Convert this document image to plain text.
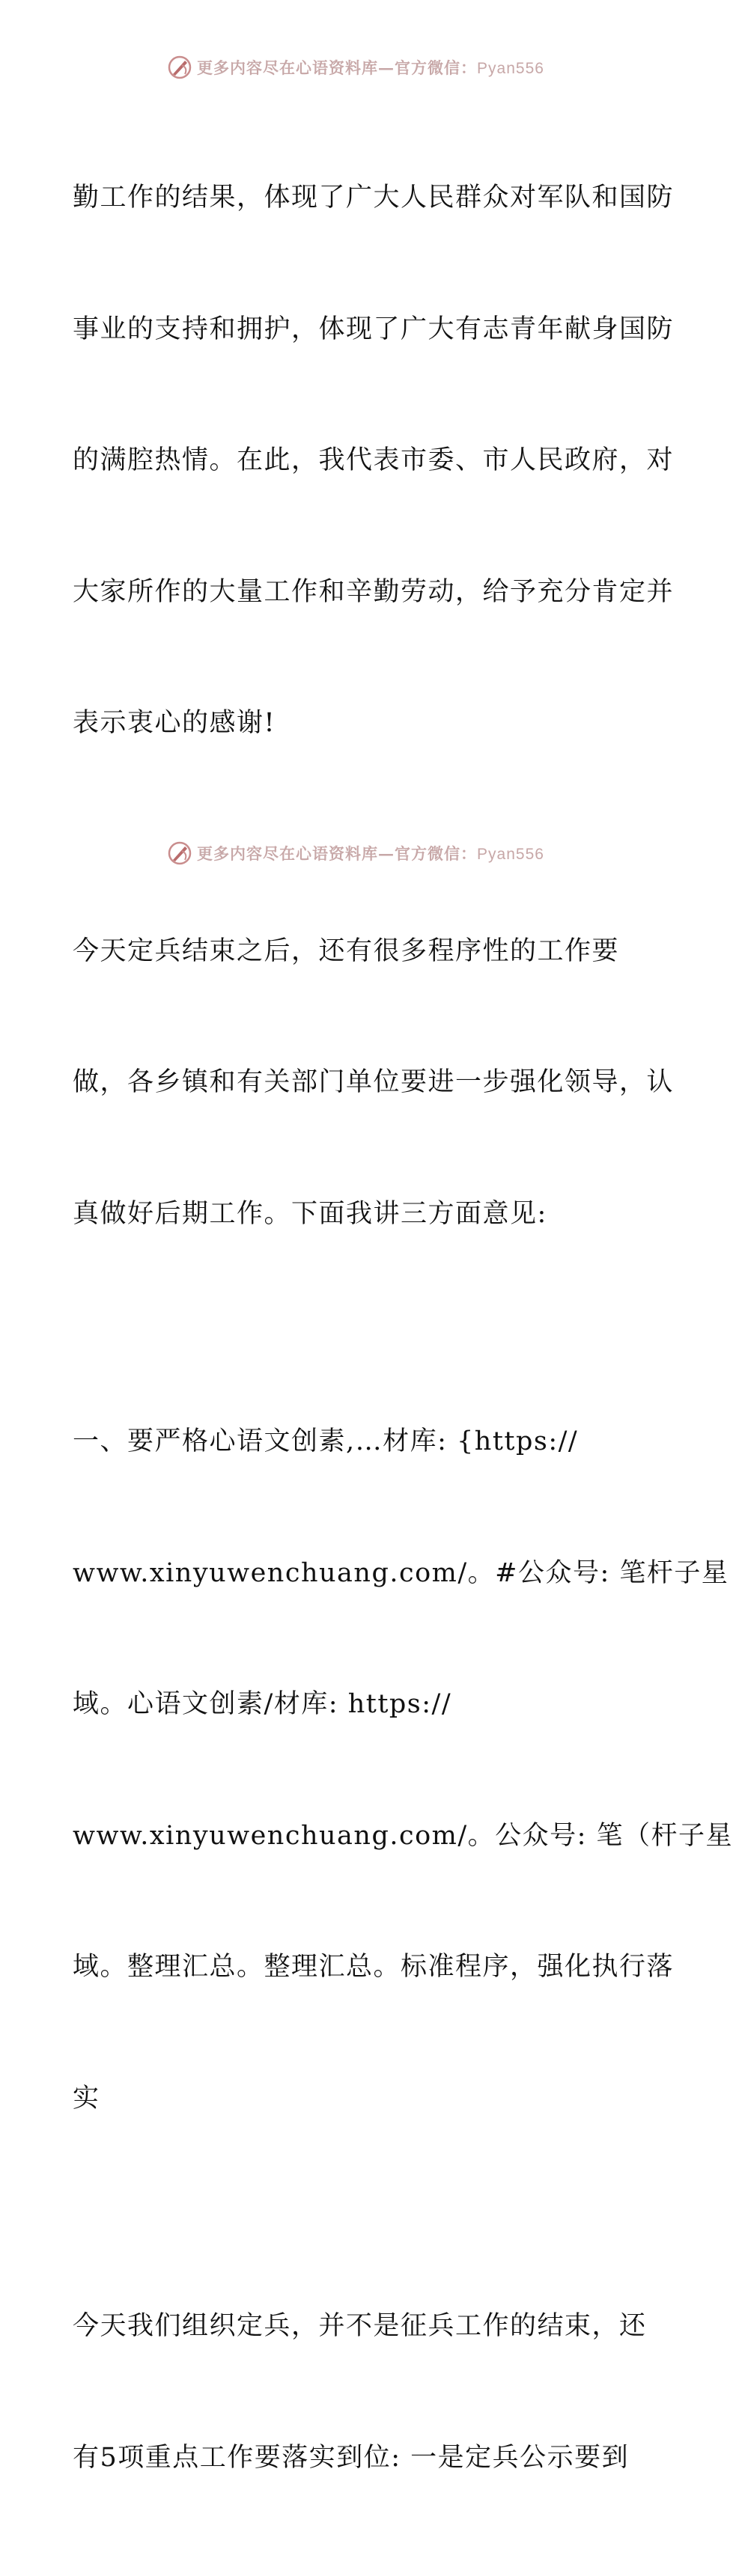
更多内容尽在心语资料库—官方微信：Pyan556

勤工作的结果，体现了广大人民群众对军队和国防

事业的支持和拥护，体现了广大有志青年献身国防

的满腔热情。在此，我代表市委、市人民政府，对

大家所作的大量工作和辛勤劳动，给予充分肯定并

表示衷心的感谢!

今天定兵结束之后，还有很多程序性的工作要

做，各乡镇和有关部门单位要进一步强化领导，认

真做好后期工作。下面我讲三方面意见:

一、要严格心语文创素,…材库: {https://

www.xinyuwenchuang.com/。#公众号: 笔杆子星

域。心语文创素/材库: https://

www.xinyuwenchuang.com/。公众号: 笔（杆子星

域。整理汇总。整理汇总。标准程序，强化执行落

实

今天我们组织定兵，并不是征兵工作的结束，还

有5项重点工作要落实到位: 一是定兵公示要到

更多内容尽在心语资料库—官方微信：Pyan556
